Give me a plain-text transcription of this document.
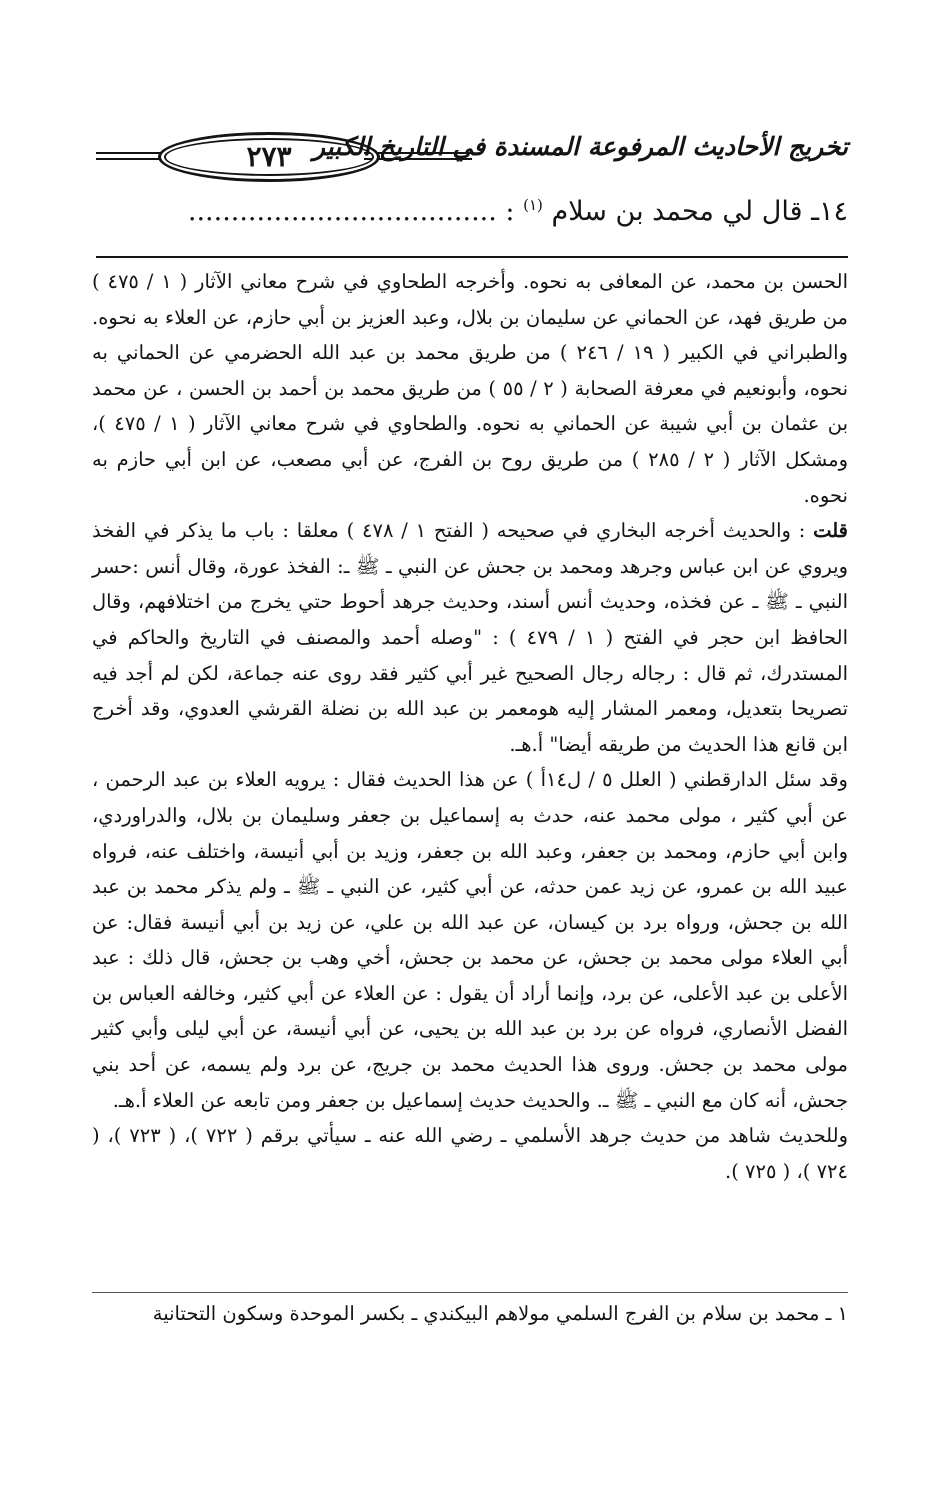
٢٧٣ تخريج الأحاديث المرفوعة المسندة في التاريخ الكبير
١٤ـ قال لي محمد بن سلام $^{(١)}$ : ....................................

الحسن بن محمد، عن المعافى به نحوه. وأخرجه الطحاوي في شرح معاني الآثار ( ١ / ٤٧٥ ) من طريق فهد، عن الحماني عن سليمان بن بلال، وعبد العزيز بن أبي حازم، عن العلاء به نحوه. والطبراني في الكبير ( ١٩ / ٢٤٦ ) من طريق محمد بن عبد الله الحضرمي عن الحماني به نحوه، وأبونعيم في معرفة الصحابة ( ٢ / ٥٥ ) من طريق محمد بن أحمد بن الحسن ، عن محمد بن عثمان بن أبي شيبة عن الحماني به نحوه. والطحاوي في شرح معاني الآثار ( ١ / ٤٧٥ )، ومشكل الآثار ( ٢ / ٢٨٥ ) من طريق روح بن الفرج، عن أبي مصعب، عن ابن أبي حازم به نحوه.

قلت : والحديث أخرجه البخاري في صحيحه ( الفتح ١ / ٤٧٨ ) معلقا : باب ما يذكر في الفخذ ويروي عن ابن عباس وجرهد ومحمد بن جحش عن النبي ـ ﷺ ـ: الفخذ عورة، وقال أنس :حسر النبي ـ ﷺ ـ عن فخذه، وحديث أنس أسند، وحديث جرهد أحوط حتي يخرج من اختلافهم، وقال الحافظ ابن حجر في الفتح ( ١ / ٤٧٩ ) : "وصله أحمد والمصنف في التاريخ والحاكم في المستدرك، ثم قال : رجاله رجال الصحيح غير أبي كثير فقد روى عنه جماعة، لكن لم أجد فيه تصريحا بتعديل، ومعمر المشار إليه هومعمر بن عبد الله بن نضلة القرشي العدوي، وقد أخرج ابن قانع هذا الحديث من طريقه أيضا" أ.هـ.

وقد سئل الدارقطني ( العلل ٥ / ل١٤أ ) عن هذا الحديث فقال : يرويه العلاء بن عبد الرحمن ، عن أبي كثير ، مولى محمد عنه، حدث به إسماعيل بن جعفر وسليمان بن بلال، والدراوردي، وابن أبي حازم، ومحمد بن جعفر، وعبد الله بن جعفر، وزيد بن أبي أنيسة، واختلف عنه، فرواه عبيد الله بن عمرو، عن زيد عمن حدثه، عن أبي كثير، عن النبي ـ ﷺ ـ ولم يذكر محمد بن عبد الله بن جحش، ورواه برد بن كيسان، عن عبد الله بن علي، عن زيد بن أبي أنيسة فقال: عن أبي العلاء مولى محمد بن جحش، عن محمد بن جحش، أخي وهب بن جحش، قال ذلك : عبد الأعلى بن عبد الأعلى، عن برد، وإنما أراد أن يقول : عن العلاء عن أبي كثير، وخالفه العباس بن الفضل الأنصاري، فرواه عن برد بن عبد الله بن يحيى، عن أبي أنيسة، عن أبي ليلى وأبي كثير مولى محمد بن جحش. وروى هذا الحديث محمد بن جريج، عن برد ولم يسمه، عن أحد بني جحش، أنه كان مع النبي ـ ﷺ ـ. والحديث حديث إسماعيل بن جعفر ومن تابعه عن العلاء أ.هـ.

وللحديث شاهد من حديث جرهد الأسلمي ـ رضي الله عنه ـ سيأتي برقم ( ٧٢٢ )، ( ٧٢٣ )، ( ٧٢٤ )، ( ٧٢٥ ).

١ ـ محمد بن سلام بن الفرج السلمي مولاهم البيكندي ـ بكسر الموحدة وسكون التحتانية
